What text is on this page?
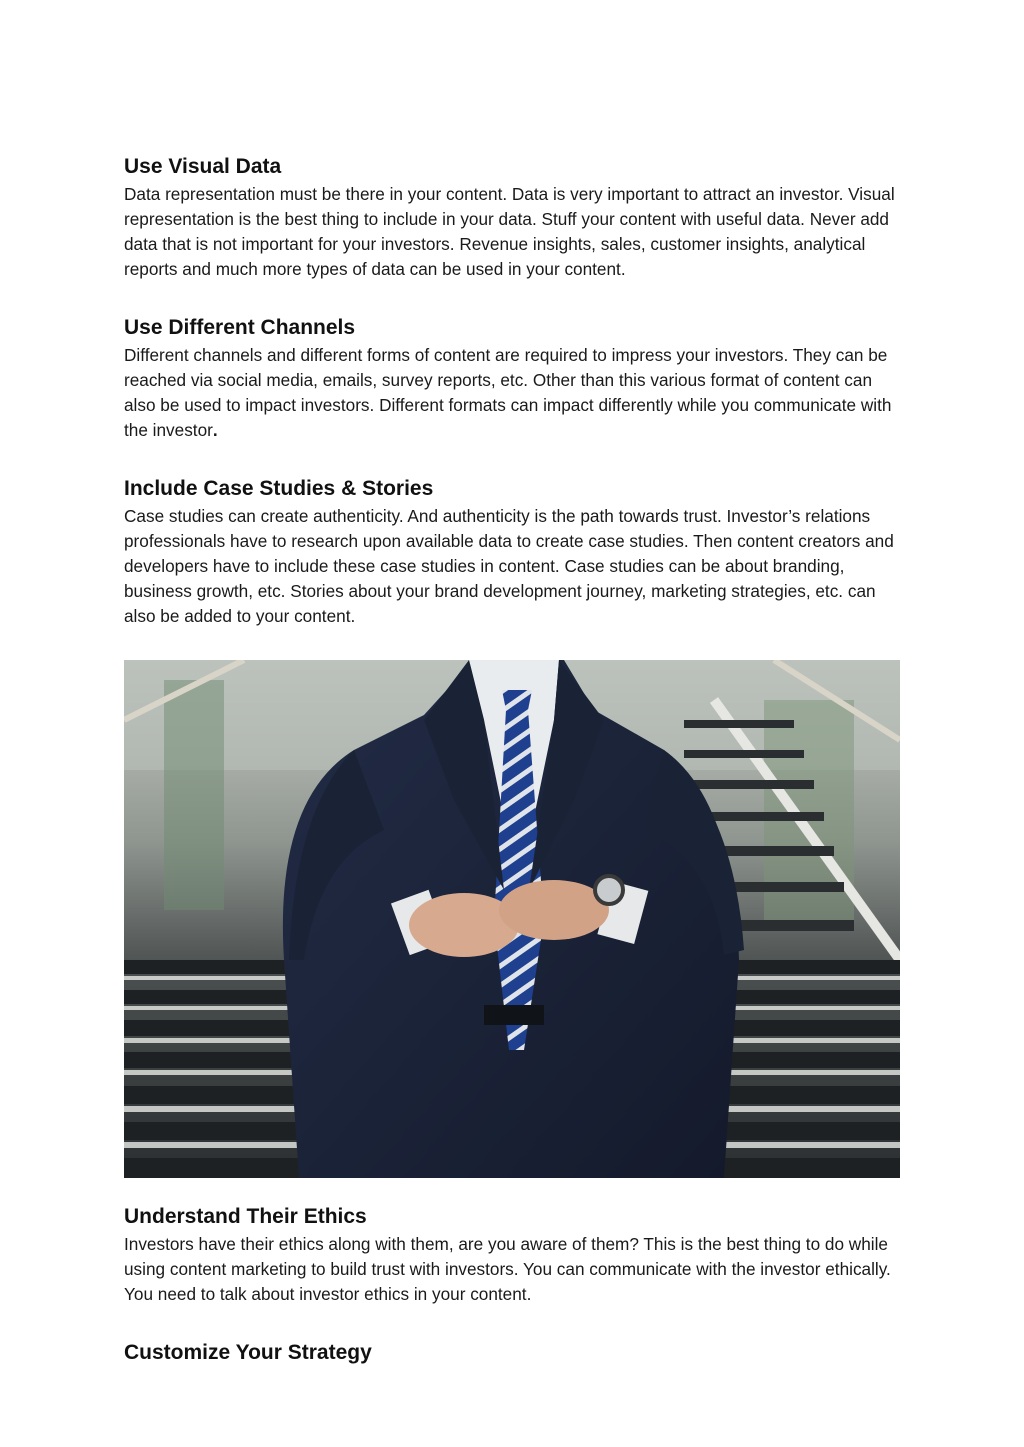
Use Visual Data

Data representation must be there in your content. Data is very important to attract an investor. Visual representation is the best thing to include in your data. Stuff your content with useful data. Never add data that is not important for your investors. Revenue insights, sales, customer insights, analytical reports and much more types of data can be used in your content.

Use Different Channels

Different channels and different forms of content are required to impress your investors. They can be reached via social media, emails, survey reports, etc. Other than this various format of content can also be used to impact investors. Different formats can impact differently while you communicate with the investor.

Include Case Studies & Stories

Case studies can create authenticity. And authenticity is the path towards trust. Investor’s relations professionals have to research upon available data to create case studies. Then content creators and developers have to include these case studies in content. Case studies can be about branding, business growth, etc. Stories about your brand development journey, marketing strategies, etc. can also be added to your content.

Understand Their Ethics

Investors have their ethics along with them, are you aware of them? This is the best thing to do while using content marketing to build trust with investors. You can communicate with the investor ethically. You need to talk about investor ethics in your content.

Customize Your Strategy
